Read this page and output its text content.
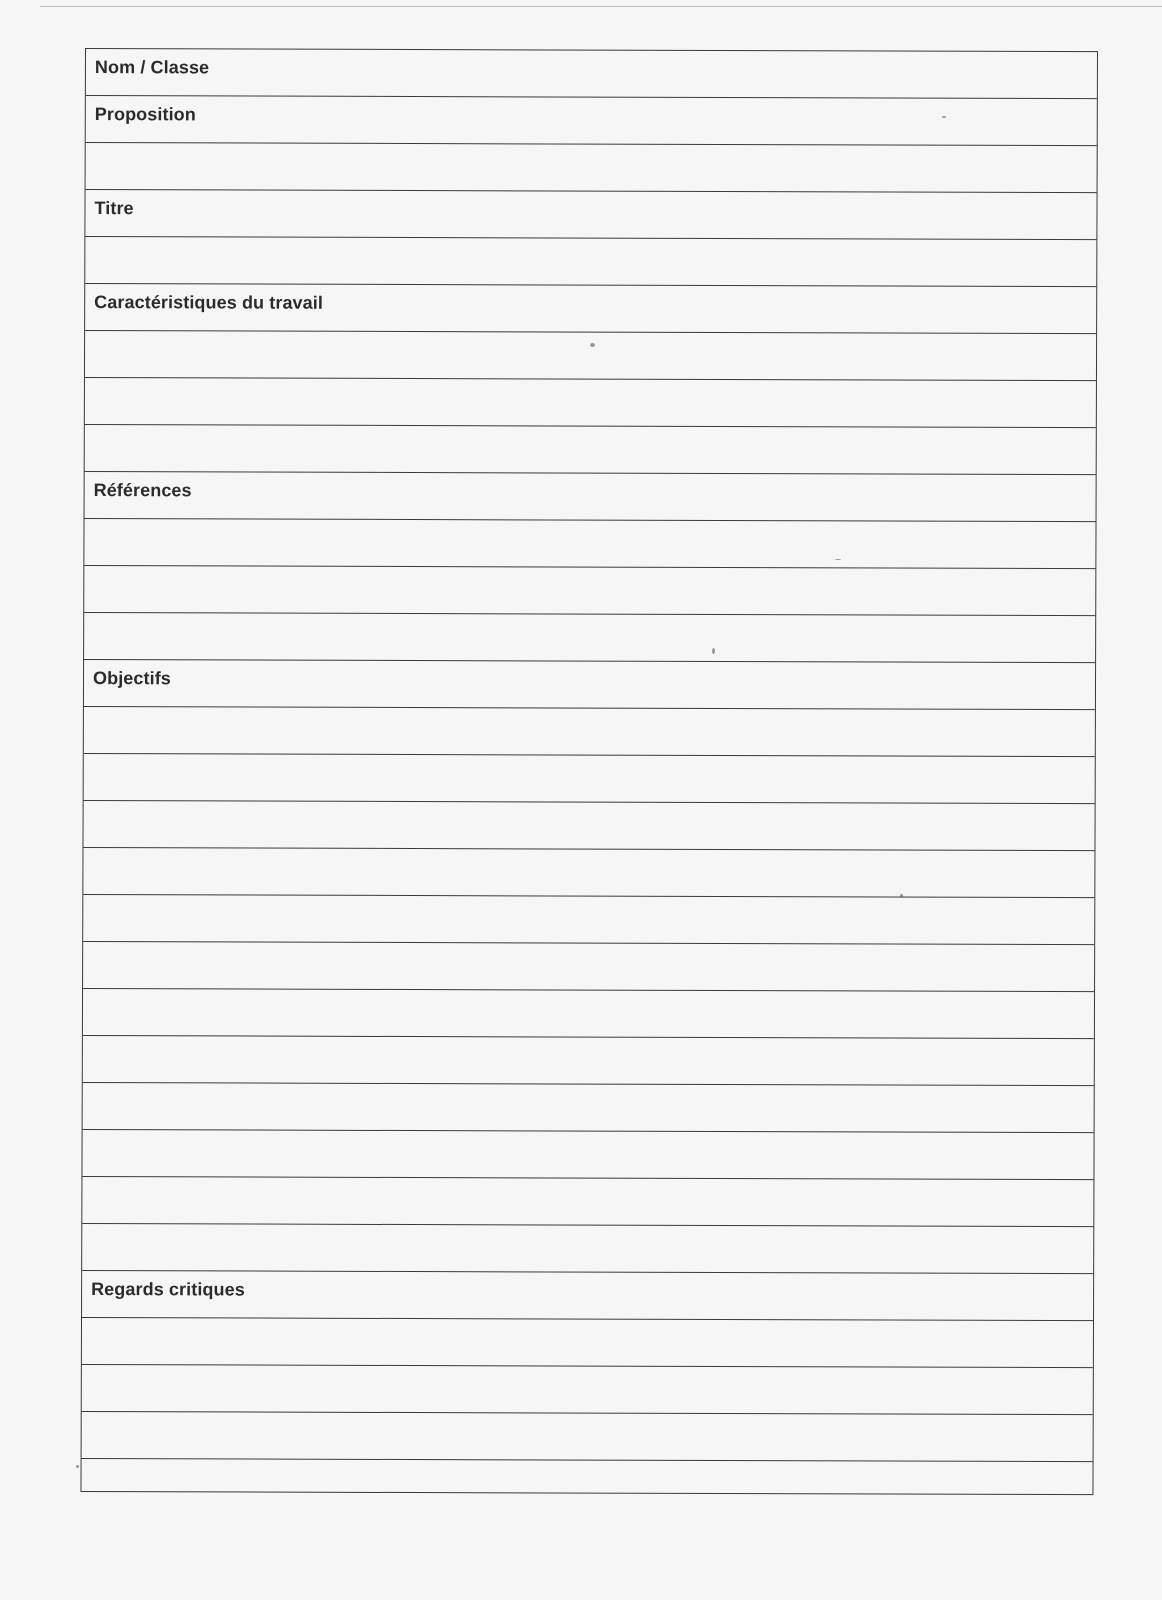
Nom / Classe
Proposition
Titre
Caractéristiques du travail
Références
Objectifs
Regards critiques
